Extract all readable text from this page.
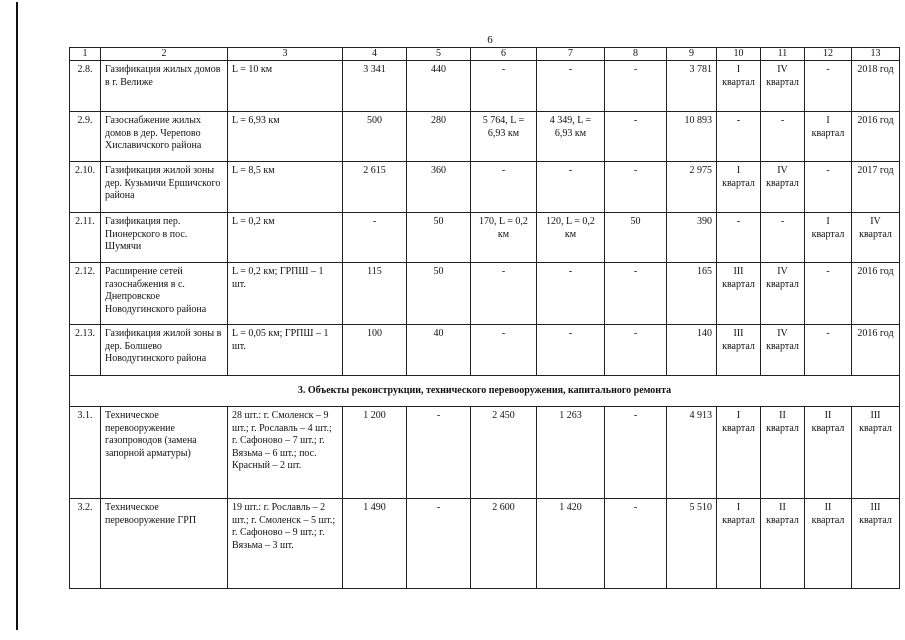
6
1	2	3	4	5	6	7	8	9	10	11	12	13
2.8.	Газификация жилых домов в г. Велиже	L = 10 км	3 341	440	-	-	-	3 781	I квартал	IV квартал	-	2018 год
2.9.	Газоснабжение жилых домов в дер. Черепово Хиславичского района	L = 6,93 км	500	280	5 764, L = 6,93 км	4 349, L = 6,93 км	-	10 893	-	-	I квартал	2016 год
2.10.	Газификация жилой зоны дер. Кузьмичи Ершичского района	L = 8,5 км	2 615	360	-	-	-	2 975	I квартал	IV квартал	-	2017 год
2.11.	Газификация пер. Пионерского в пос. Шумячи	L = 0,2 км	-	50	170, L = 0,2 км	120, L = 0,2 км	50	390	-	-	I квартал	IV квартал
2.12.	Расширение сетей газоснабжения в с. Днепровское Новодугинского района	L = 0,2 км; ГРПШ – 1 шт.	115	50	-	-	-	165	III квартал	IV квартал	-	2016 год
2.13.	Газификация жилой зоны в дер. Болшево Новодугинского района	L = 0,05 км; ГРПШ – 1 шт.	100	40	-	-	-	140	III квартал	IV квартал	-	2016 год
3. Объекты реконструкции, технического перевооружения, капитального ремонта												
3.1.	Техническое перевооружение газопроводов (замена запорной арматуры)	28 шт.: г. Смоленск – 9 шт.; г. Рославль – 4 шт.; г. Сафоново – 7 шт.; г. Вязьма – 6 шт.; пос. Красный – 2 шт.	1 200	-	2 450	1 263	-	4 913	I квартал	II квартал	II квартал	III квартал
3.2.	Техническое перевооружение ГРП	19 шт.: г. Рославль – 2 шт.; г. Смоленск – 5 шт.; г. Сафоново – 9 шт.; г. Вязьма – 3 шт.	1 490	-	2 600	1 420	-	5 510	I квартал	II квартал	II квартал	III квартал
